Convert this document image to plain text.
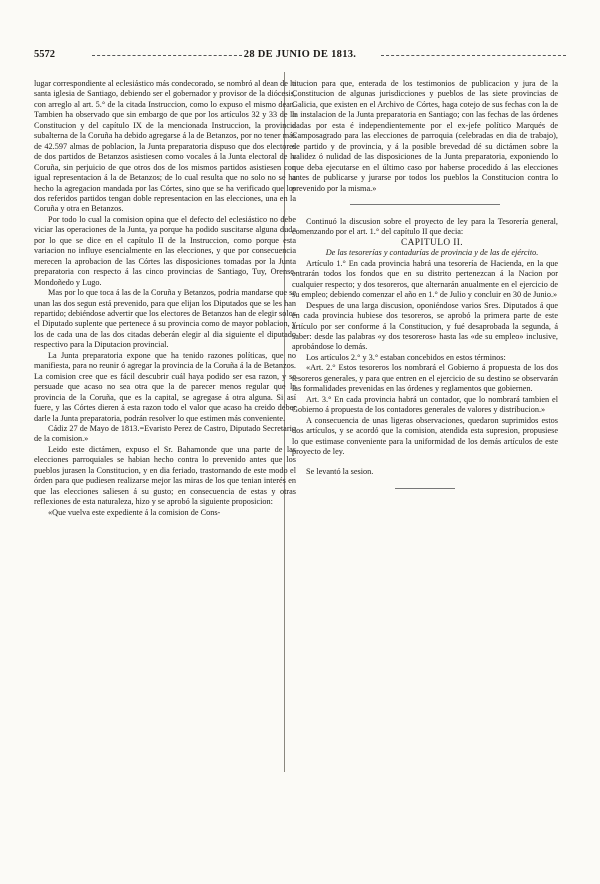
5572	28 DE JUNIO DE 1813.

lugar correspondiente al eclesiástico más condecorado, se nombró al dean de la santa iglesia de Santiago, debiendo ser el gobernador y provisor de la diócesis, con arreglo al art. 5.° de la citada Instruccion, como lo expuso el mismo dean. Tambien ha observado que sin embargo de que por los artículos 32 y 33 de la Constitucion y del capítulo IX de la mencionada Instruccion, la provincia subalterna de la Coruña ha debido agregarse á la de Betanzos, por no tener más de 42.597 almas de poblacion, la Junta preparatoria dispuso que dos electores de dos partidos de Betanzos asistiesen como vocales á la Junta electoral de la Coruña, sin perjuicio de que otros dos de los mismos partidos asistiesen con igual representacion á la de Betanzos; de lo cual resulta que no solo no se ha hecho la agregacion mandada por las Córtes, sino que se ha verificado que los dos referidos partidos tengan doble representacion en las elecciones, una en la Coruña y otra en Betanzos.

Por todo lo cual la comision opina que el defecto del eclesiástico no debe viciar las operaciones de la Junta, ya porque ha podido suscitarse alguna duda por lo que se dice en el capítulo II de la Instruccion, como porque esta variacion no influye esencialmente en las elecciones, y que por consecuencia merecen la aprobacion de las Córtes las disposiciones tomadas por la Junta preparatoria con respecto á las cinco provincias de Santiago, Tuy, Orense, Mondoñedo y Lugo.

Mas por lo que toca á las de la Coruña y Betanzos, podria mandarse que se unan las dos segun está prevenido, para que elijan los Diputados que se les han repartido; debiéndose advertir que los electores de Betanzos han de elegir solos el Diputado suplente que pertenece á su provincia como de mayor poblacion, y los de cada una de las dos citadas deberán elegir al dia siguiente el diputado respectivo para la Diputacion provincial.

La Junta preparatoria expone que ha tenido razones políticas, que no manifiesta, para no reunir ó agregar la provincia de la Coruña á la de Betanzos. La comision cree que es fácil descubrir cuál haya podido ser esa razon, y se persuade que acaso no sea otra que la de parecer menos regular que la provincia de la Coruña, que es la capital, se agregase á otra alguna. Si así fuere, y las Córtes dieren á esta razon todo el valor que acaso ha creido deber darle la Junta preparatoria, podrán resolver lo que estimen más conveniente.

Cádiz 27 de Mayo de 1813.=Evaristo Perez de Castro, Diputado Secretario de la comision.»

Leido este dictámen, expuso el Sr. Bahamonde que una parte de las elecciones parroquiales se habian hecho contra lo prevenido antes que los pueblos jurasen la Constitucion, y en dia feriado, trastornando de este modo el órden para que pudiesen realizarse mejor las miras de los que tenian interés en que las elecciones saliesen á su gusto; en consecuencia de estas y otras reflexiones de esta naturaleza, hizo y se aprobó la siguiente proposicion:

«Que vuelva este expediente á la comision de Cons-

titucion para que, enterada de los testimonios de publicacion y jura de la Constitucion de algunas jurisdicciones y pueblos de las siete provincias de Galicia, que existen en el Archivo de Córtes, haga cotejo de sus fechas con la de la instalacion de la Junta preparatoria en Santiago; con las fechas de las órdenes dadas por esta é independientemente por el ex-jefe político Marqués de Camposagrado para las elecciones de parroquia (celebradas en dia de trabajo), de partido y de provincia, y á la posible brevedad dé su dictámen sobre la validez ó nulidad de las disposiciones de la Junta preparatoria, exponiendo lo que deba ejecutarse en el último caso por haberse procedido á las elecciones antes de publicarse y jurarse por todos los pueblos la Constitucion contra lo prevenido por la misma.»

Continuó la discusion sobre el proyecto de ley para la Tesorería general, comenzando por el art. 1.° del capítulo II que decia:

CAPITULO II.

De las tesorerías y contadurías de provincia y de las de ejército.

Artículo 1.° En cada provincia habrá una tesorería de Hacienda, en la que entrarán todos los fondos que en su distrito pertenezcan á la Nacion por cualquier respecto; y dos tesoreros, que alternarán anualmente en el ejercicio de su empleo; debiendo comenzar el año en 1.° de Julio y concluir en 30 de Junio.»

Despues de una larga discusion, oponiéndose varios Sres. Diputados á que en cada provincia hubiese dos tesoreros, se aprobó la primera parte de este artículo por ser conforme á la Constitucion, y fué desaprobada la segunda, á saber: desde las palabras «y dos tesoreros» hasta las «de su empleo» inclusive, aprobándose lo demás.

Los artículos 2.° y 3.° estaban concebidos en estos términos:

«Art. 2.° Estos tesoreros los nombrará el Gobierno á propuesta de los dos tesoreros generales, y para que entren en el ejercicio de su destino se observarán las formalidades prevenidas en las órdenes y reglamentos que gobiernen.

Art. 3.° En cada provincia habrá un contador, que lo nombrará tambien el Gobierno á propuesta de los contadores generales de valores y distribucion.»

A consecuencia de unas ligeras observaciones, quedaron suprimidos estos dos artículos, y se acordó que la comision, atendida esta supresion, propusiese lo que estimase conveniente para la uniformidad de los demás artículos de este proyecto de ley.

Se levantó la sesion.
